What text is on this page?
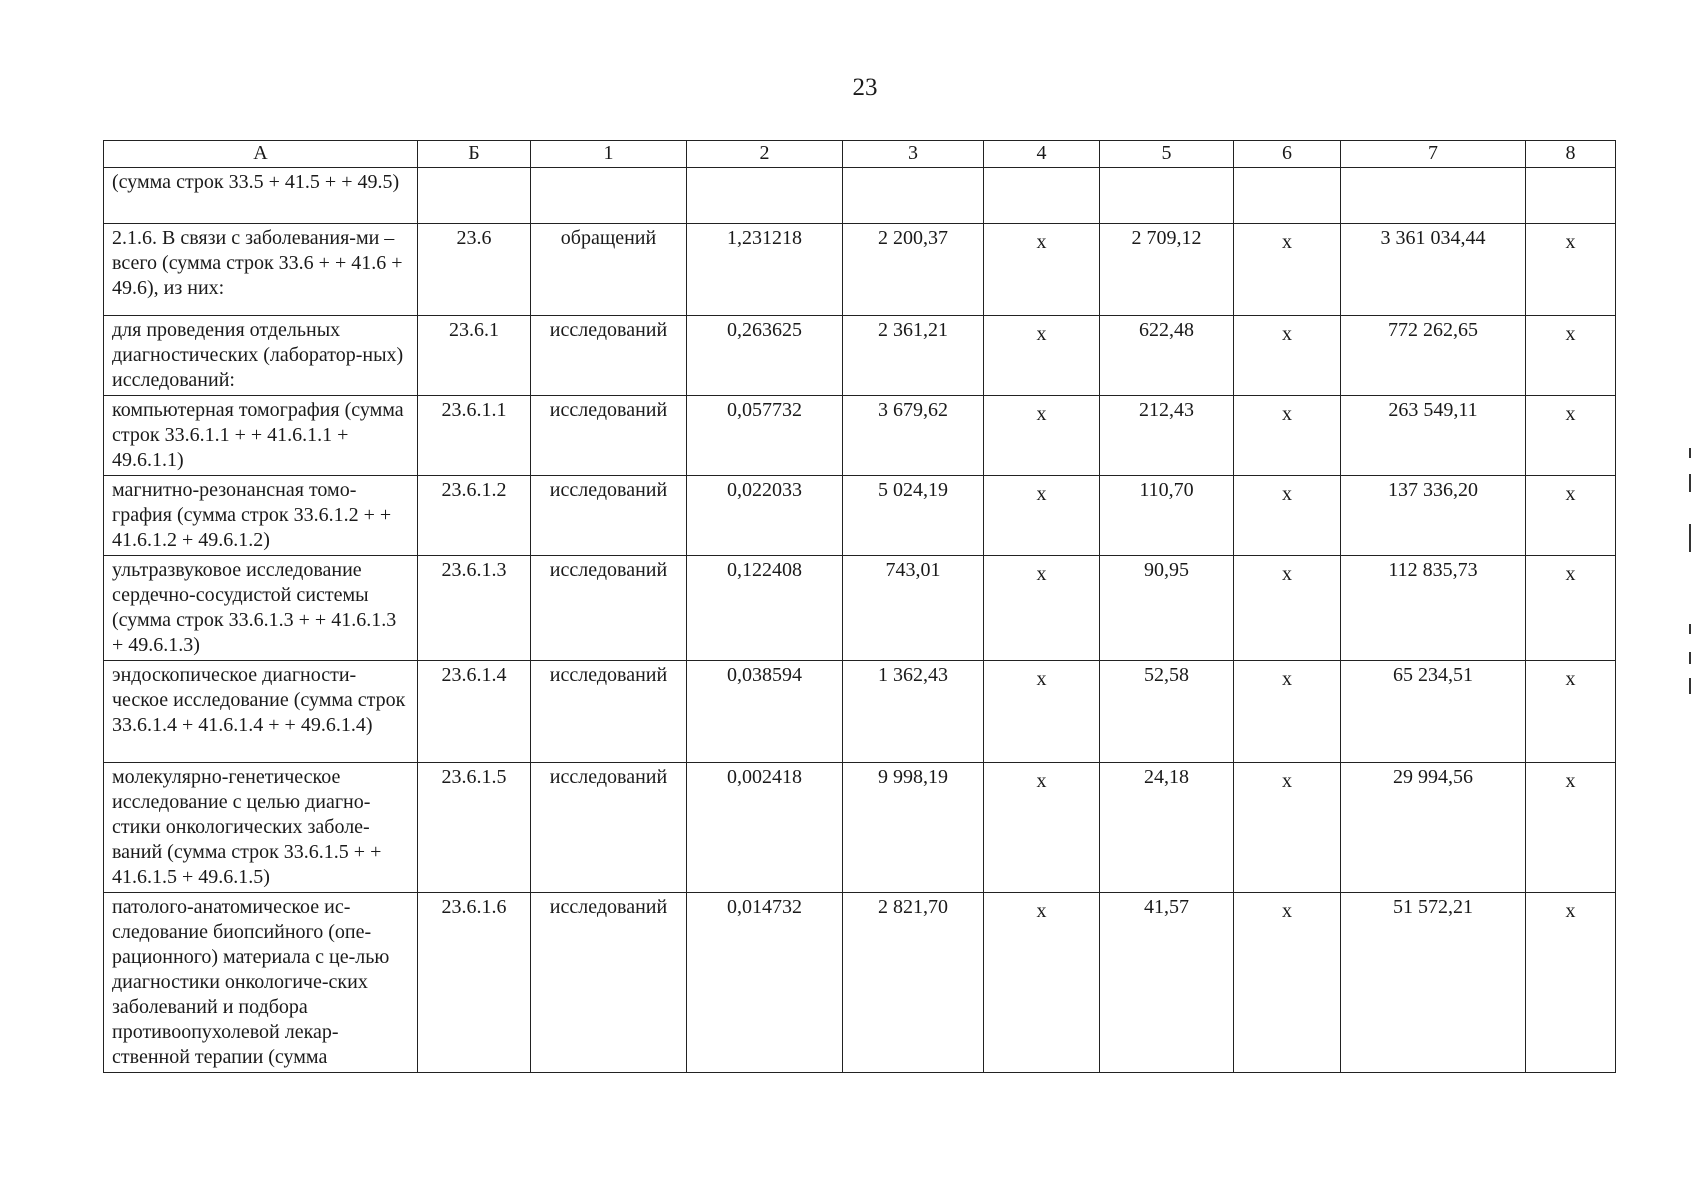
23
А	Б	1	2	3	4	5	6	7	8
(сумма строк 33.5 + 41.5 + + 49.5)									
2.1.6. В связи с заболевания-ми – всего (сумма строк 33.6 + + 41.6 + 49.6), из них:	23.6	обращений	1,231218	2 200,37	х	2 709,12	х	3 361 034,44	х
для проведения отдельных диагностических (лаборатор-ных) исследований:	23.6.1	исследований	0,263625	2 361,21	х	622,48	х	772 262,65	х
компьютерная томография (сумма строк 33.6.1.1 + + 41.6.1.1 + 49.6.1.1)	23.6.1.1	исследований	0,057732	3 679,62	х	212,43	х	263 549,11	х
магнитно-резонансная томо-графия (сумма строк 33.6.1.2 + + 41.6.1.2 + 49.6.1.2)	23.6.1.2	исследований	0,022033	5 024,19	х	110,70	х	137 336,20	х
ультразвуковое исследование сердечно-сосудистой системы (сумма строк 33.6.1.3 + + 41.6.1.3 + 49.6.1.3)	23.6.1.3	исследований	0,122408	743,01	х	90,95	х	112 835,73	х
эндоскопическое диагности-ческое исследование (сумма строк 33.6.1.4 + 41.6.1.4 + + 49.6.1.4)	23.6.1.4	исследований	0,038594	1 362,43	х	52,58	х	65 234,51	х
молекулярно-генетическое исследование с целью диагно-стики онкологических заболе-ваний (сумма строк 33.6.1.5 + + 41.6.1.5 + 49.6.1.5)	23.6.1.5	исследований	0,002418	9 998,19	х	24,18	х	29 994,56	х
патолого-анатомическое ис-следование биопсийного (опе-рационного) материала с це-лью диагностики онкологиче-ских заболеваний и подбора противоопухолевой лекар-ственной терапии (сумма	23.6.1.6	исследований	0,014732	2 821,70	х	41,57	х	51 572,21	х
